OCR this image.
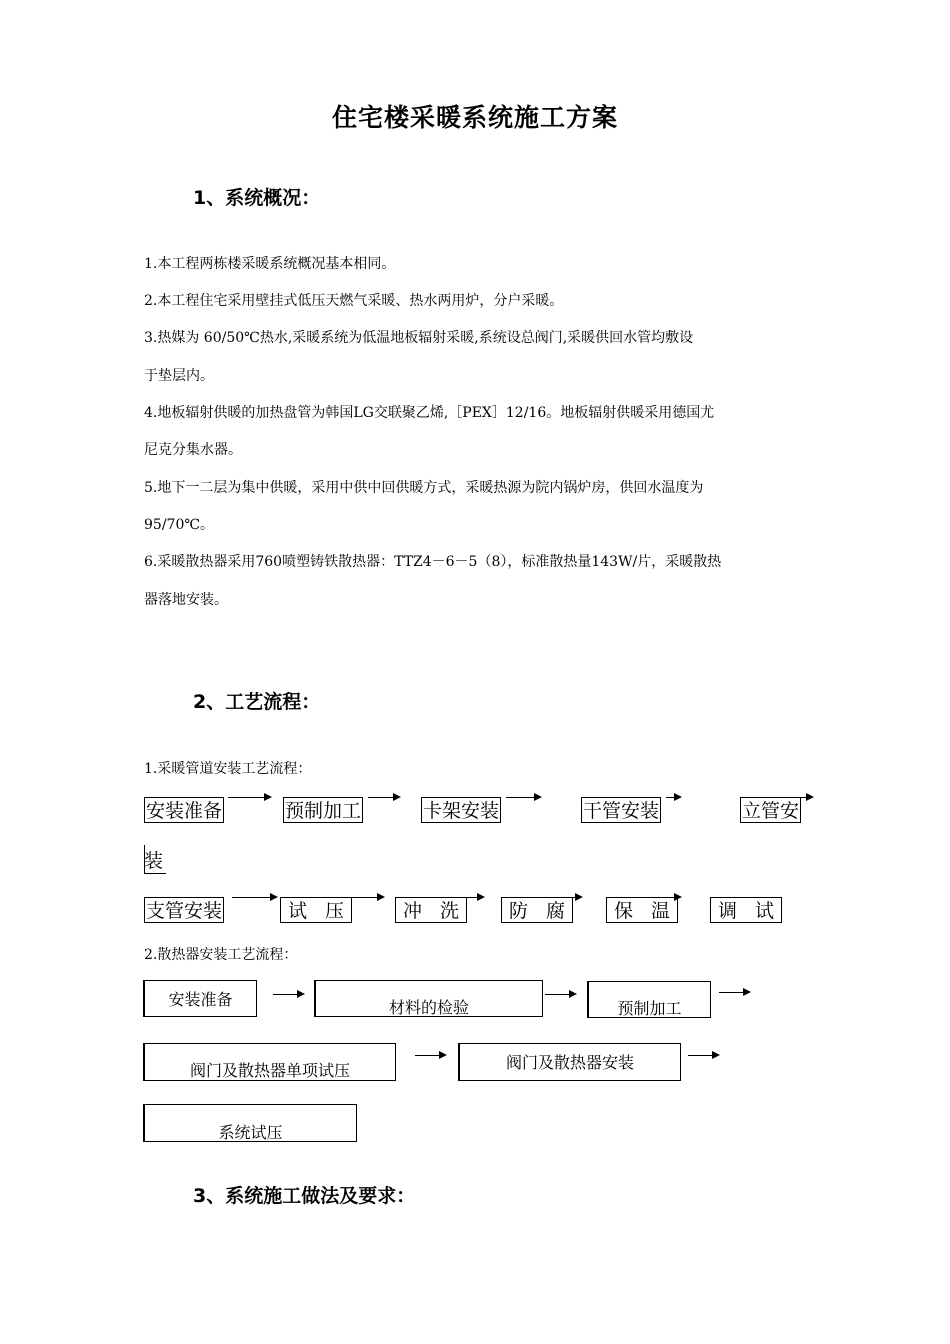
住宅楼采暖系统施工方案
1、系统概况：
1.本工程两栋楼采暖系统概况基本相同。
2.本工程住宅采用壁挂式低压天燃气采暖、热水两用炉，分户采暖。
3.热媒为 60/50℃热水,采暖系统为低温地板辐射采暖,系统设总阀门,采暖供回水管均敷设
于垫层内。
4.地板辐射供暖的加热盘管为韩国LG交联聚乙烯,［PEX］12/16。地板辐射供暖采用德国尤
尼克分集水器。
5.地下一二层为集中供暖，采用中供中回供暖方式，采暖热源为院内锅炉房，供回水温度为
95/70℃。
6.采暖散热器采用760喷塑铸铁散热器：TTZ4－6－5（8），标准散热量143W/片，采暖散热
器落地安装。
2、工艺流程：
1.采暖管道安装工艺流程：
安装准备	预制加工	卡架安装	干管安装	立管安
装
支管安装	试 压	冲 洗	防 腐	保 温	调 试
2.散热器安装工艺流程：
安装准备	材料的检验	预制加工
阀门及散热器单项试压	阀门及散热器安装
系统试压
3、系统施工做法及要求：
